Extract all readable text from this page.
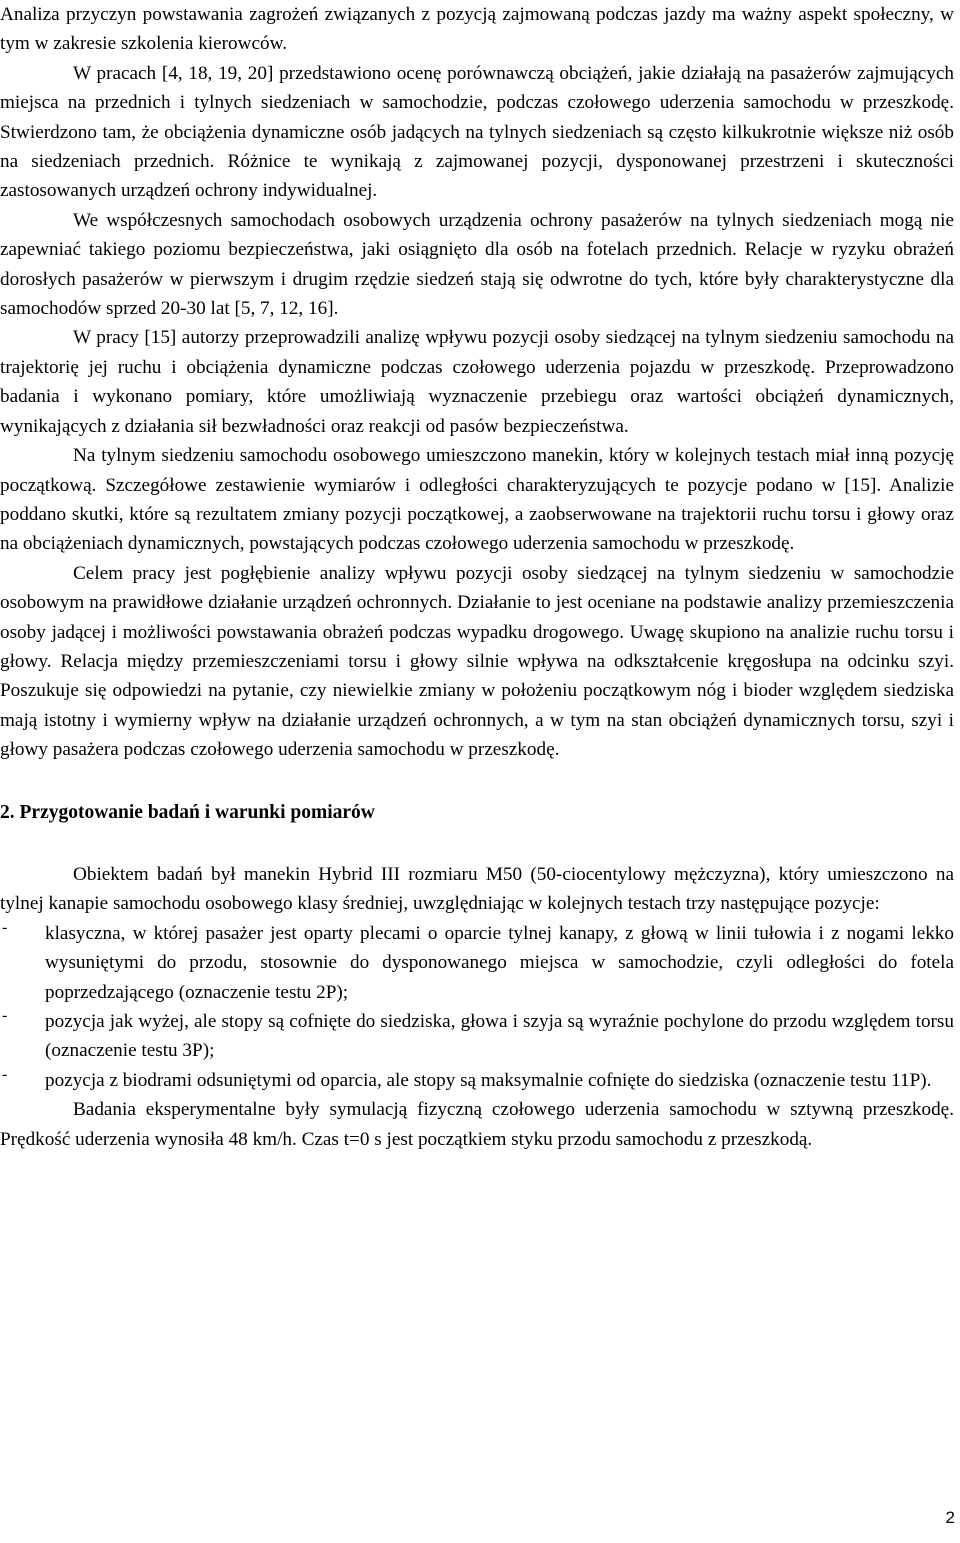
Analiza przyczyn powstawania zagrożeń związanych z pozycją zajmowaną podczas jazdy ma ważny aspekt społeczny, w tym w zakresie szkolenia kierowców.

W pracach [4, 18, 19, 20] przedstawiono ocenę porównawczą obciążeń, jakie działają na pasażerów zajmujących miejsca na przednich i tylnych siedzeniach w samochodzie, podczas czołowego uderzenia samochodu w przeszkodę. Stwierdzono tam, że obciążenia dynamiczne osób jadących na tylnych siedzeniach są często kilkukrotnie większe niż osób na siedzeniach przednich. Różnice te wynikają z zajmowanej pozycji, dysponowanej przestrzeni i skuteczności zastosowanych urządzeń ochrony indywidualnej.

We współczesnych samochodach osobowych urządzenia ochrony pasażerów na tylnych siedzeniach mogą nie zapewniać takiego poziomu bezpieczeństwa, jaki osiągnięto dla osób na fotelach przednich. Relacje w ryzyku obrażeń dorosłych pasażerów w pierwszym i drugim rzędzie siedzeń stają się odwrotne do tych, które były charakterystyczne dla samochodów sprzed 20-30 lat [5, 7, 12, 16].

W pracy [15] autorzy przeprowadzili analizę wpływu pozycji osoby siedzącej na tylnym siedzeniu samochodu na trajektorię jej ruchu i obciążenia dynamiczne podczas czołowego uderzenia pojazdu w przeszkodę. Przeprowadzono badania i wykonano pomiary, które umożliwiają wyznaczenie przebiegu oraz wartości obciążeń dynamicznych, wynikających z działania sił bezwładności oraz reakcji od pasów bezpieczeństwa.

Na tylnym siedzeniu samochodu osobowego umieszczono manekin, który w kolejnych testach miał inną pozycję początkową. Szczegółowe zestawienie wymiarów i odległości charakteryzujących te pozycje podano w [15]. Analizie poddano skutki, które są rezultatem zmiany pozycji początkowej, a zaobserwowane na trajektorii ruchu torsu i głowy oraz na obciążeniach dynamicznych, powstających podczas czołowego uderzenia samochodu w przeszkodę.

Celem pracy jest pogłębienie analizy wpływu pozycji osoby siedzącej na tylnym siedzeniu w samochodzie osobowym na prawidłowe działanie urządzeń ochronnych. Działanie to jest oceniane na podstawie analizy przemieszczenia osoby jadącej i możliwości powstawania obrażeń podczas wypadku drogowego. Uwagę skupiono na analizie ruchu torsu i głowy. Relacja między przemieszczeniami torsu i głowy silnie wpływa na odkształcenie kręgosłupa na odcinku szyi. Poszukuje się odpowiedzi na pytanie, czy niewielkie zmiany w położeniu początkowym nóg i bioder względem siedziska mają istotny i wymierny wpływ na działanie urządzeń ochronnych, a w tym na stan obciążeń dynamicznych torsu, szyi i głowy pasażera podczas czołowego uderzenia samochodu w przeszkodę.

2. Przygotowanie badań i warunki pomiarów

Obiektem badań był manekin Hybrid III rozmiaru M50 (50-ciocentylowy mężczyzna), który umieszczono na tylnej kanapie samochodu osobowego klasy średniej, uwzględniając w kolejnych testach trzy następujące pozycje:

- klasyczna, w której pasażer jest oparty plecami o oparcie tylnej kanapy, z głową w linii tułowia i z nogami lekko wysuniętymi do przodu, stosownie do dysponowanego miejsca w samochodzie, czyli odległości do fotela poprzedzającego (oznaczenie testu 2P);

- pozycja jak wyżej, ale stopy są cofnięte do siedziska, głowa i szyja są wyraźnie pochylone do przodu względem torsu (oznaczenie testu 3P);

- pozycja z biodrami odsuniętymi od oparcia, ale stopy są maksymalnie cofnięte do siedziska (oznaczenie testu 11P).

Badania eksperymentalne były symulacją fizyczną czołowego uderzenia samochodu w sztywną przeszkodę. Prędkość uderzenia wynosiła 48 km/h. Czas t=0 s jest początkiem styku przodu samochodu z przeszkodą.

2
